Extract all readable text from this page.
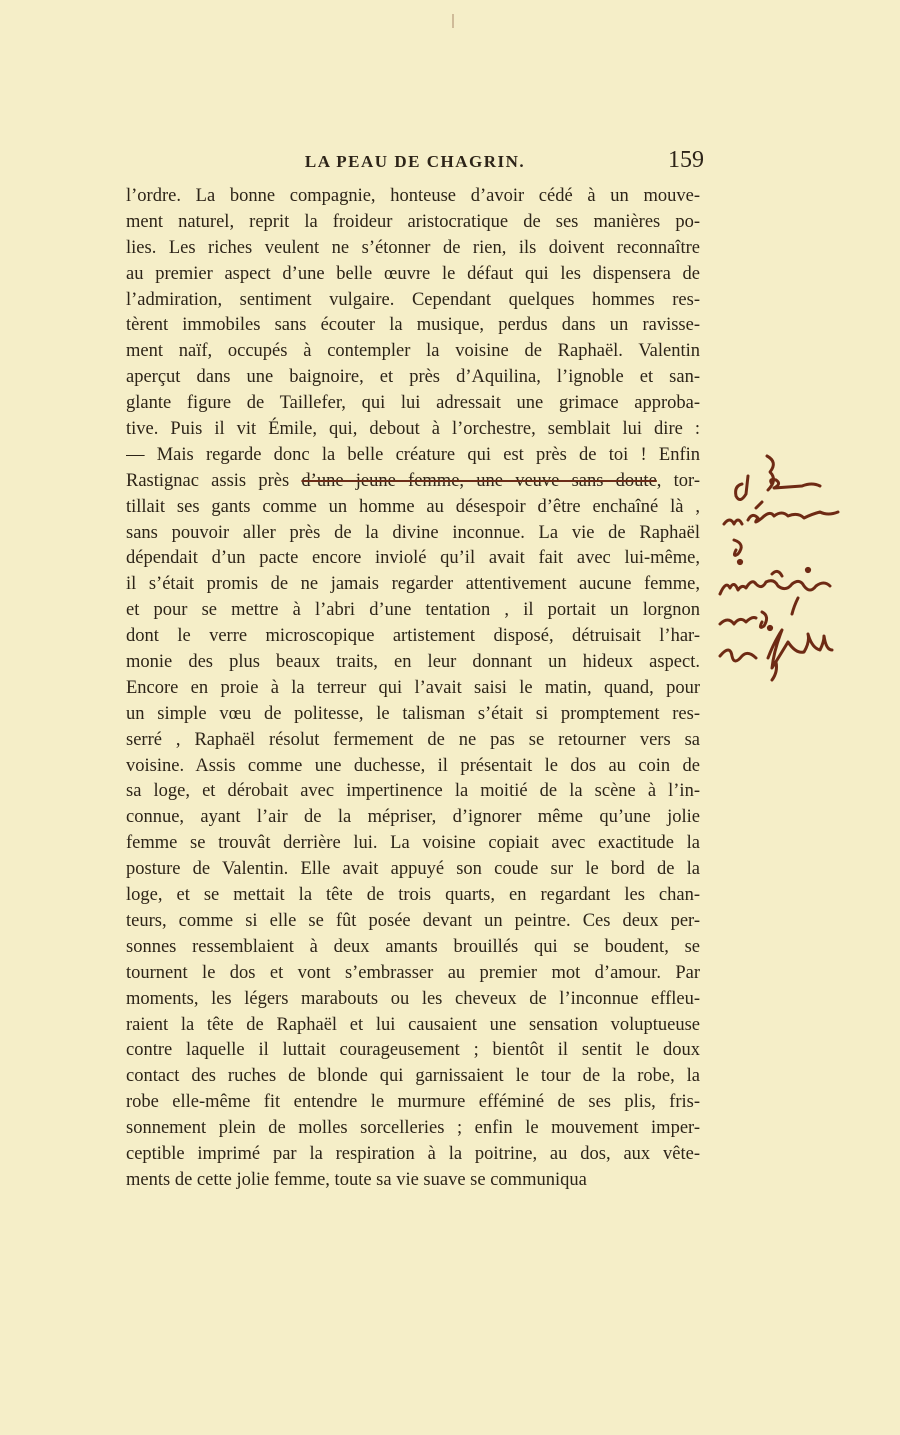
LA PEAU DE CHAGRIN.	159
l’ordre. La bonne compagnie, honteuse d’avoir cédé à un mouve-
ment naturel, reprit la froideur aristocratique de ses manières po-
lies. Les riches veulent ne s’étonner de rien, ils doivent reconnaître
au premier aspect d’une belle œuvre le défaut qui les dispensera de
l’admiration, sentiment vulgaire. Cependant quelques hommes res-
tèrent immobiles sans écouter la musique, perdus dans un ravisse-
ment naïf, occupés à contempler la voisine de Raphaël. Valentin
aperçut dans une baignoire, et près d’Aquilina, l’ignoble et san-
glante figure de Taillefer, qui lui adressait une grimace approba-
tive. Puis il vit Émile, qui, debout à l’orchestre, semblait lui dire :
— Mais regarde donc la belle créature qui est près de toi ! Enfin
Rastignac assis près d’une jeune femme, une veuve sans doute, tor-
tillait ses gants comme un homme au désespoir d’être enchaîné là ,
sans pouvoir aller près de la divine inconnue. La vie de Raphaël
dépendait d’un pacte encore inviolé qu’il avait fait avec lui-même,
il s’était promis de ne jamais regarder attentivement aucune femme,
et pour se mettre à l’abri d’une tentation , il portait un lorgnon
dont le verre microscopique artistement disposé, détruisait l’har-
monie des plus beaux traits, en leur donnant un hideux aspect.
Encore en proie à la terreur qui l’avait saisi le matin, quand, pour
un simple vœu de politesse, le talisman s’était si promptement res-
serré , Raphaël résolut fermement de ne pas se retourner vers sa
voisine. Assis comme une duchesse, il présentait le dos au coin de
sa loge, et dérobait avec impertinence la moitié de la scène à l’in-
connue, ayant l’air de la mépriser, d’ignorer même qu’une jolie
femme se trouvât derrière lui. La voisine copiait avec exactitude la
posture de Valentin. Elle avait appuyé son coude sur le bord de la
loge, et se mettait la tête de trois quarts, en regardant les chan-
teurs, comme si elle se fût posée devant un peintre. Ces deux per-
sonnes ressemblaient à deux amants brouillés qui se boudent, se
tournent le dos et vont s’embrasser au premier mot d’amour. Par
moments, les légers marabouts ou les cheveux de l’inconnue efflеu-
raient la tête de Raphaël et lui causaient une sensation voluptueuse
contre laquelle il luttait courageusement ; bientôt il sentit le doux
contact des ruches de blonde qui garnissaient le tour de la robe, la
robe elle-même fit entendre le murmure efféminé de ses plis, fris-
sonnement plein de molles sorcelleries ; enfin le mouvement imper-
ceptible imprimé par la respiration à la poitrine, au dos, aux vête-
ments de cette jolie femme, toute sa vie suave se communiqua
